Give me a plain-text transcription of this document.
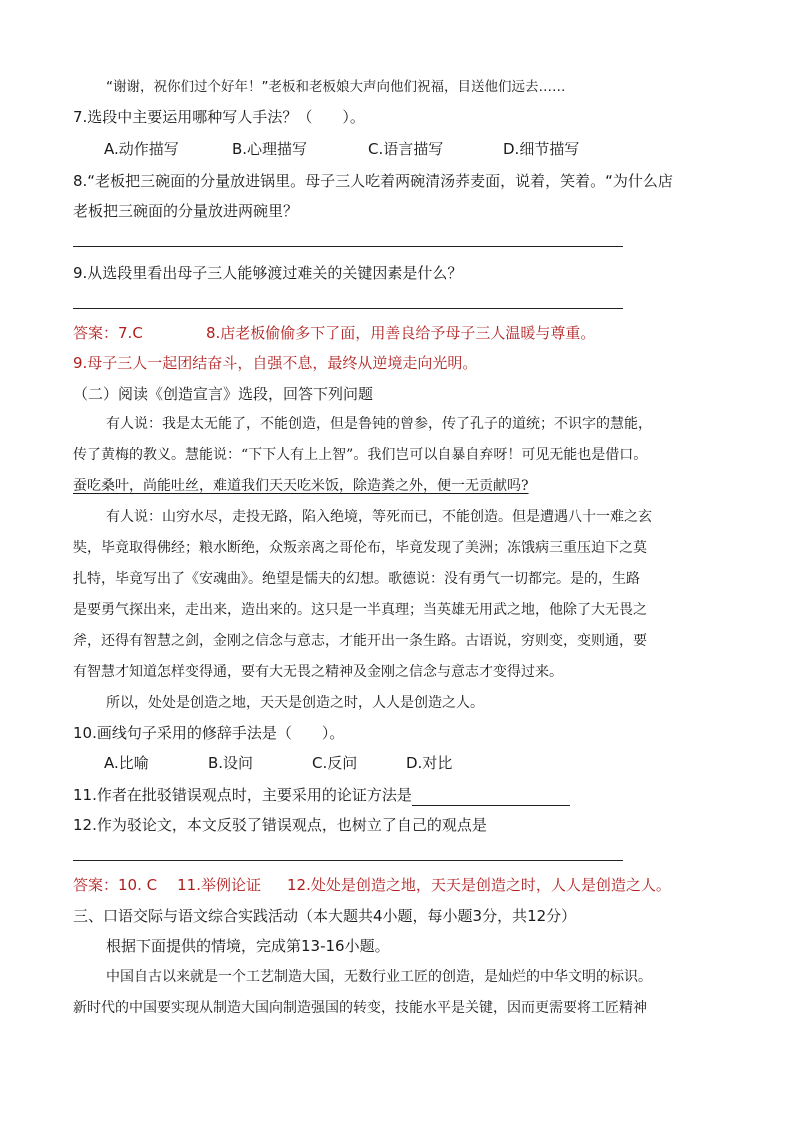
“谢谢，祝你们过个好年！”老板和老板娘大声向他们祝福，目送他们远去……
7.选段中主要运用哪种写人手法？（　　）。
A.动作描写	B.心理描写	C.语言描写	D.细节描写
8.“老板把三碗面的分量放进锅里。母子三人吃着两碗清汤荞麦面，说着，笑着。“为什么店
老板把三碗面的分量放进两碗里？
9.从选段里看出母子三人能够渡过难关的关键因素是什么？
答案：7.C	8.店老板偷偷多下了面，用善良给予母子三人温暖与尊重。
9.母子三人一起团结奋斗，自强不息，最终从逆境走向光明。
（二）阅读《创造宣言》选段，回答下列问题
有人说：我是太无能了，不能创造，但是鲁钝的曾参，传了孔子的道统；不识字的慧能，
传了黄梅的教义。慧能说：“下下人有上上智”。我们岂可以自暴自弃呀！可见无能也是借口。
蚕吃桑叶，尚能吐丝，难道我们天天吃米饭，除造粪之外，便一无贡献吗?
有人说：山穷水尽，走投无路，陷入绝境，等死而已，不能创造。但是遭遇八十一难之玄
奘，毕竟取得佛经；粮水断绝，众叛亲离之哥伦布，毕竟发现了美洲；冻饿病三重压迫下之莫
扎特，毕竟写出了《安魂曲》。绝望是懦夫的幻想。歌德说：没有勇气一切都完。是的，生路
是要勇气探出来，走出来，造出来的。这只是一半真理；当英雄无用武之地，他除了大无畏之
斧，还得有智慧之剑，金刚之信念与意志，才能开出一条生路。古语说，穷则变，变则通，要
有智慧才知道怎样变得通，要有大无畏之精神及金刚之信念与意志才变得过来。
所以，处处是创造之地，天天是创造之时，人人是创造之人。
10.画线句子采用的修辞手法是（　　）。
A.比喻	B.设问	C.反问	D.对比
11.作者在批驳错误观点时，主要采用的论证方法是
12.作为驳论文，本文反驳了错误观点，也树立了自己的观点是
答案：10. C 11.举例论证 12.处处是创造之地，天天是创造之时，人人是创造之人。
三、口语交际与语文综合实践活动（本大题共4小题，每小题3分，共12分）
根据下面提供的情境，完成第13-16小题。
中国自古以来就是一个工艺制造大国，无数行业工匠的创造，是灿烂的中华文明的标识。
新时代的中国要实现从制造大国向制造强国的转变，技能水平是关键，因而更需要将工匠精神
